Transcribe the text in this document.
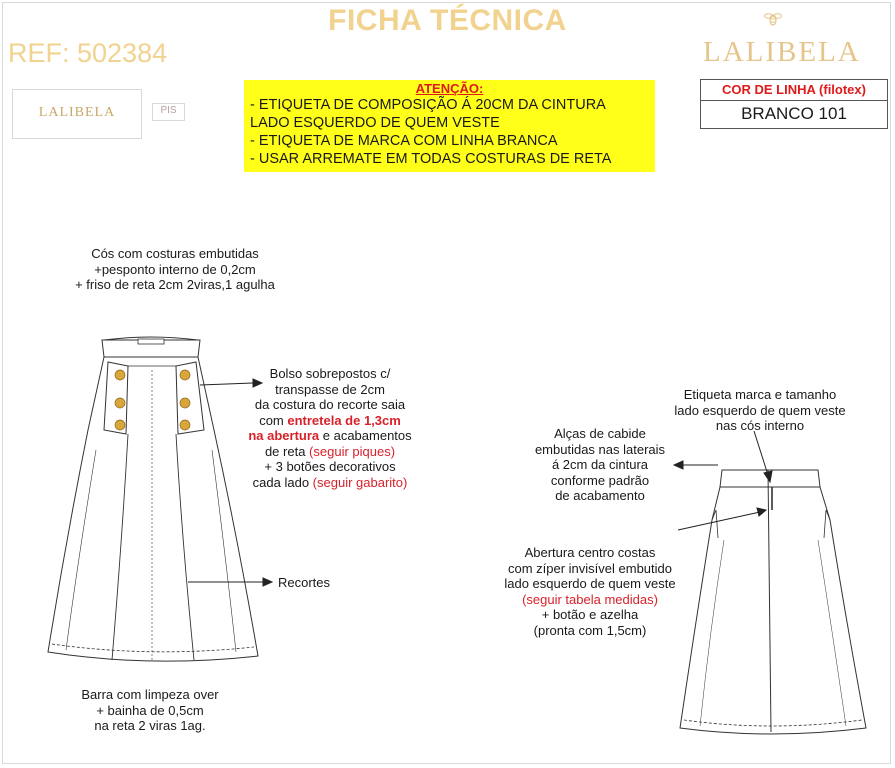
FICHA TÉCNICA
REF: 502384	LALIBELA
LALIBELA	PIS
ATENÇÃO:
- ETIQUETA DE COMPOSIÇÃO Á 20CM DA CINTURA
LADO ESQUERDO DE QUEM VESTE
- ETIQUETA DE MARCA COM LINHA BRANCA
- USAR ARREMATE EM TODAS COSTURAS DE RETA
COR DE LINHA (filotex)
BRANCO 101
Cós com costuras embutidas
+pesponto interno de 0,2cm
+ friso de reta 2cm 2viras,1 agulha
Bolso sobrepostos c/
transpasse de 2cm
da costura do recorte saia
com entretela de 1,3cm
na abertura e acabamentos
de reta (seguir piques)
+ 3 botões decorativos
cada lado (seguir gabarito)
Recortes
Barra com limpeza over
+ bainha de 0,5cm
na reta 2 viras 1ag.
Etiqueta marca e tamanho
lado esquerdo de quem veste
nas cós interno
Alças de cabide
embutidas nas laterais
á 2cm da cintura
conforme padrão
de acabamento
Abertura centro costas
com zíper invisível embutido
lado esquerdo de quem veste
(seguir tabela medidas)
+ botão e azelha
(pronta com 1,5cm)
